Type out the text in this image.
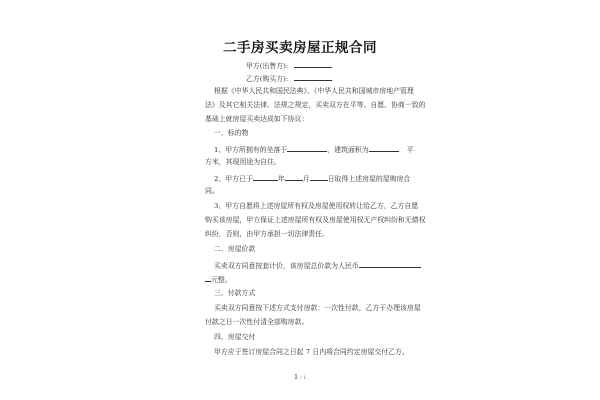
二手房买卖房屋正规合同
甲方(出售方):
乙方(购买方):
根据《中华人民共和国民法典》、《中华人民共和国城市房地产管理
法》及其它相关法律、法规之规定，买卖双方在平等、自愿、协商一致的
基础上就房屋买卖达成如下协议：
一、标的物
1、甲方所拥有的坐落于	，建筑面积为	平
方米，其现用途为自住。
2、甲方已于	年	月	日取得上述房屋的屋购房合
同。
3、甲方自愿将上述房屋所有权及房屋使用权转让给乙方，乙方自愿
购买该房屋，甲方保证上述房屋所有权及房屋使用权无产权纠纷和无债权
纠纷，否则，由甲方承担一切法律责任。
二、房屋价款
买卖双方同意按套计价，该房屋总价款为人民币
元整。
三、付款方式
买卖双方同意按下述方式支付房款：一次性付款，乙方于办理该房屋
付款之日一次性付清全部购房款。
四、房屋交付
甲方应于签订房屋合同之日起 7 日内将合同约定房屋交付乙方。
1 / 1
